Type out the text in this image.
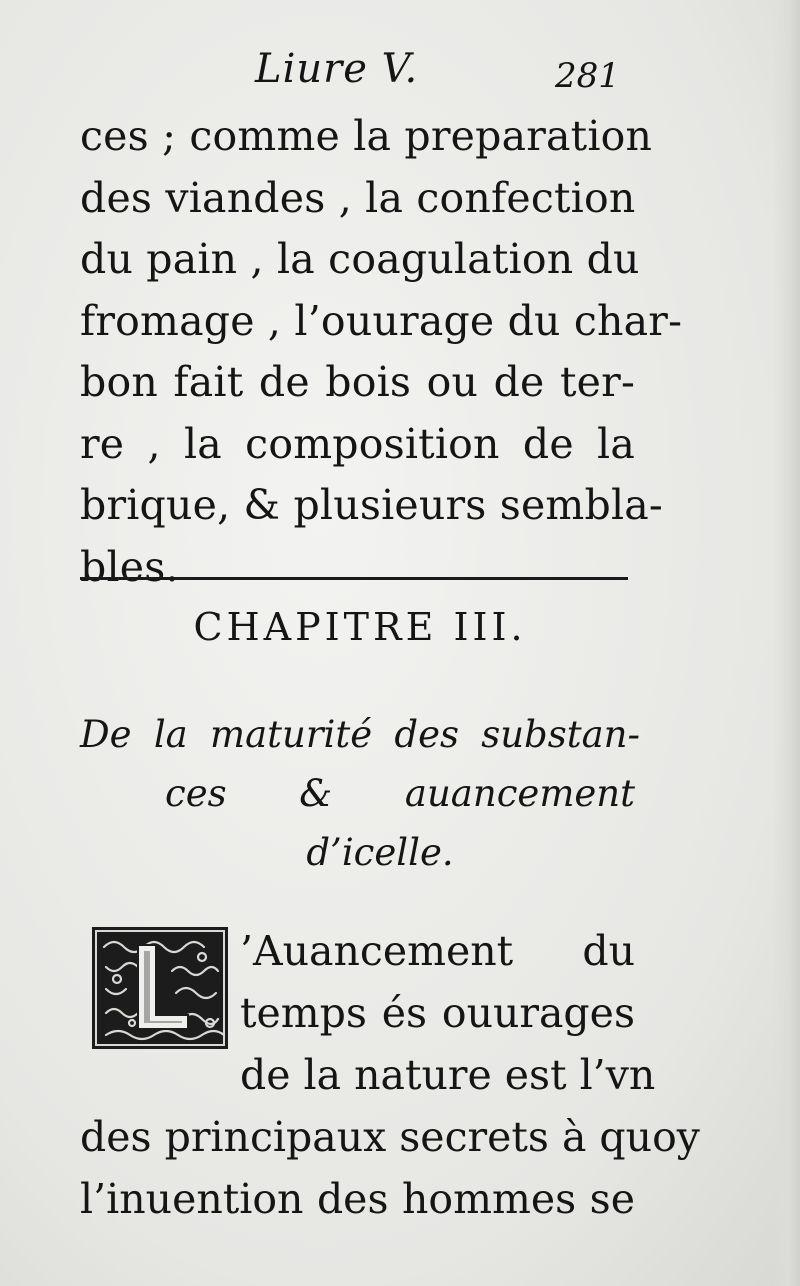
Liure V.	281
ces ; comme la preparation
des viandes , la confection
du pain , la coagulation du
fromage , l’ouurage du char-
bon fait de bois ou de ter-
re , la composition de la
brique, & plusieurs sembla-
bles.
CHAPITRE III.
De la maturité des substan-
ces & auancement
d’icelle.
’Auancement du
temps és ouurages
de la nature est l’vn
des principaux secrets à quoy
l’inuention des hommes se
